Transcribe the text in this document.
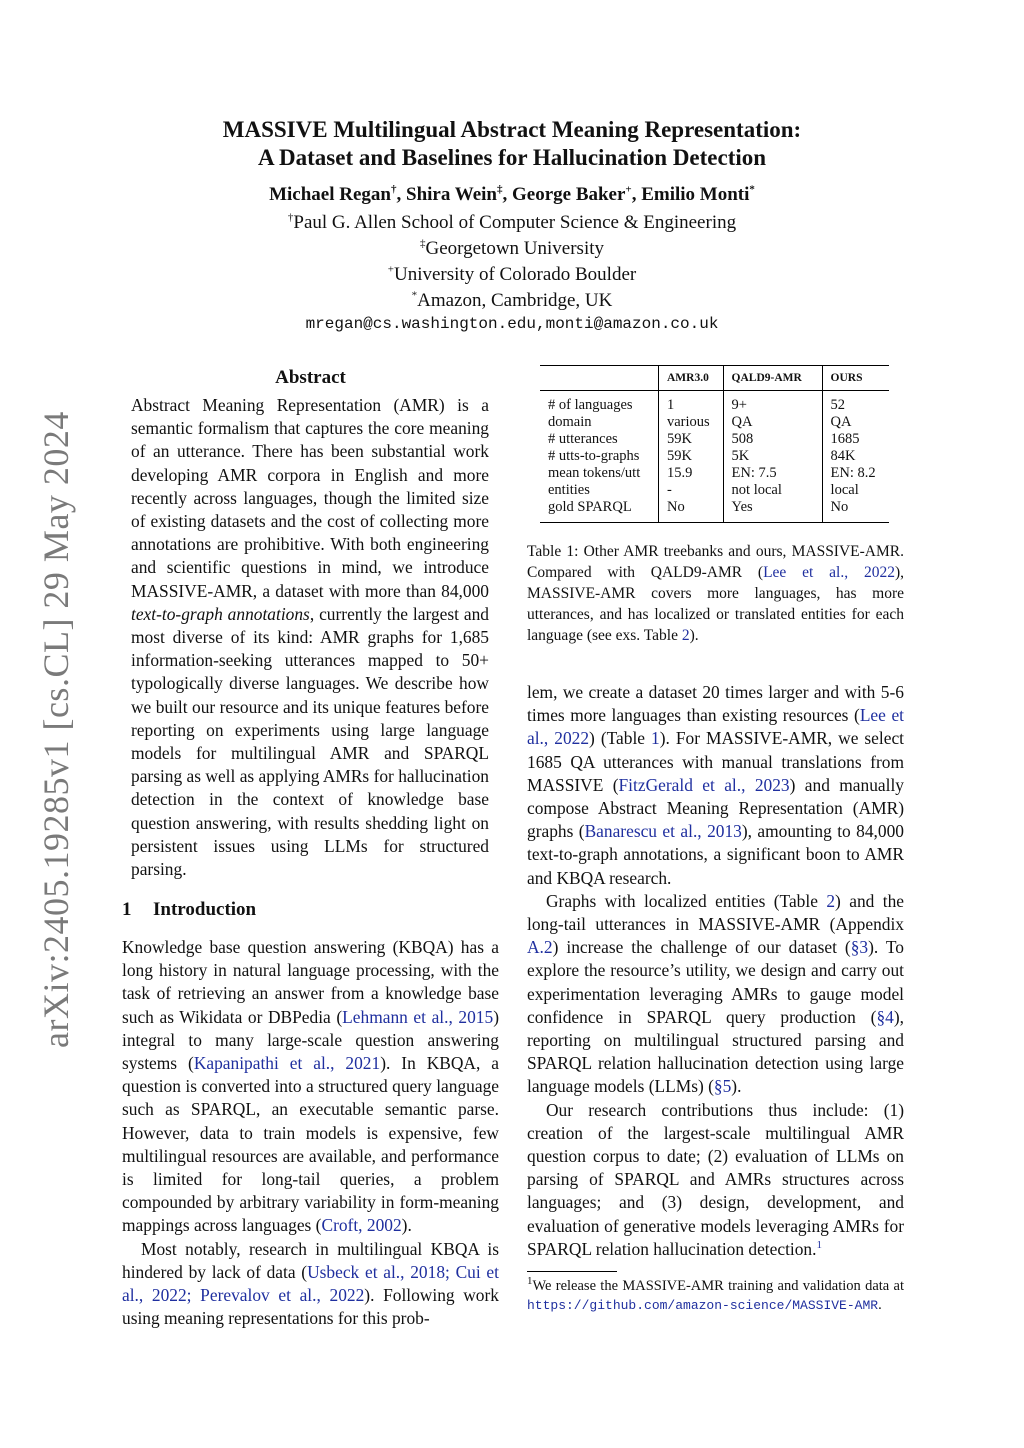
arXiv:2405.19285v1 [cs.CL] 29 May 2024
MASSIVE Multilingual Abstract Meaning Representation:
A Dataset and Baselines for Hallucination Detection
Michael Regan†, Shira Wein‡, George Baker+, Emilio Monti*
†Paul G. Allen School of Computer Science & Engineering
‡Georgetown University
+University of Colorado Boulder
*Amazon, Cambridge, UK
mregan@cs.washington.edu,monti@amazon.co.uk
Abstract
Abstract Meaning Representation (AMR) is a semantic formalism that captures the core meaning of an utterance. There has been substantial work developing AMR corpora in English and more recently across languages, though the limited size of existing datasets and the cost of collecting more annotations are prohibitive. With both engineering and scientific questions in mind, we introduce MASSIVE-AMR, a dataset with more than 84,000 text-to-graph annotations, currently the largest and most diverse of its kind: AMR graphs for 1,685 information-seeking utterances mapped to 50+ typologically diverse languages. We describe how we built our resource and its unique features before reporting on experiments using large language models for multilingual AMR and SPARQL parsing as well as applying AMRs for hallucination detection in the context of knowledge base question answering, with results shedding light on persistent issues using LLMs for structured parsing.
1 Introduction

Knowledge base question answering (KBQA) has a long history in natural language processing, with the task of retrieving an answer from a knowledge base such as Wikidata or DBPedia (Lehmann et al., 2015) integral to many large-scale question answering systems (Kapanipathi et al., 2021). In KBQA, a question is converted into a structured query language such as SPARQL, an executable semantic parse. However, data to train models is expensive, few multilingual resources are available, and performance is limited for long-tail queries, a problem compounded by arbitrary variability in form-meaning mappings across languages (Croft, 2002).

Most notably, research in multilingual KBQA is hindered by lack of data (Usbeck et al., 2018; Cui et al., 2022; Perevalov et al., 2022). Following work using meaning representations for this prob-

	AMR3.0	QALD9-AMR	OURS
# of languages	1	9+	52
domain	various	QA	QA
# utterances	59K	508	1685
# utts-to-graphs	59K	5K	84K
mean tokens/utt	15.9	EN: 7.5	EN: 8.2
entities	-	not local	local
gold SPARQL	No	Yes	No
Table 1: Other AMR treebanks and ours, MASSIVE-AMR. Compared with QALD9-AMR (Lee et al., 2022), MASSIVE-AMR covers more languages, has more utterances, and has localized or translated entities for each language (see exs. Table 2).

lem, we create a dataset 20 times larger and with 5-6 times more languages than existing resources (Lee et al., 2022) (Table 1). For MASSIVE-AMR, we select 1685 QA utterances with manual translations from MASSIVE (FitzGerald et al., 2023) and manually compose Abstract Meaning Representation (AMR) graphs (Banarescu et al., 2013), amounting to 84,000 text-to-graph annotations, a significant boon to AMR and KBQA research.

Graphs with localized entities (Table 2) and the long-tail utterances in MASSIVE-AMR (Appendix A.2) increase the challenge of our dataset (§3). To explore the resource’s utility, we design and carry out experimentation leveraging AMRs to gauge model confidence in SPARQL query production (§4), reporting on multilingual structured parsing and SPARQL relation hallucination detection using large language models (LLMs) (§5).

Our research contributions thus include: (1) creation of the largest-scale multilingual AMR question corpus to date; (2) evaluation of LLMs on parsing of SPARQL and AMRs structures across languages; and (3) design, development, and evaluation of generative models leveraging AMRs for SPARQL relation hallucination detection.$^1$

$^1$We release the MASSIVE-AMR training and validation data at https://github.com/amazon-science/MASSIVE-AMR.
